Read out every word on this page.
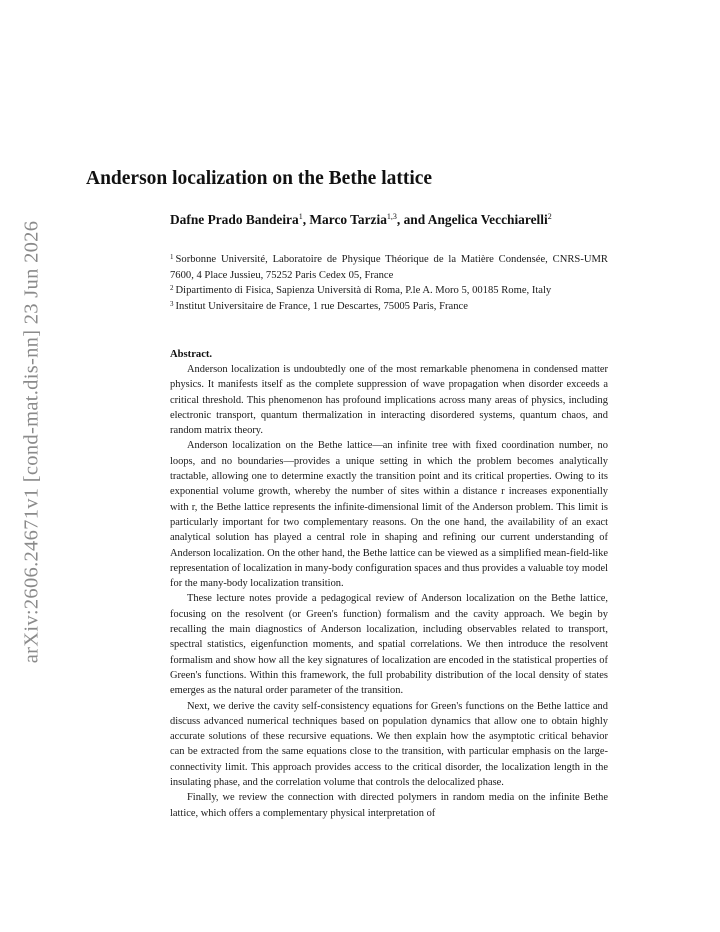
arXiv:2606.24671v1 [cond-mat.dis-nn] 23 Jun 2026
Anderson localization on the Bethe lattice
Dafne Prado Bandeira$^1$, Marco Tarzia$^{1,3}$, and Angelica Vecchiarelli$^2$
$^1$ Sorbonne Université, Laboratoire de Physique Théorique de la Matière Condensée, CNRS-UMR 7600, 4 Place Jussieu, 75252 Paris Cedex 05, France
$^2$ Dipartimento di Fisica, Sapienza Università di Roma, P.le A. Moro 5, 00185 Rome, Italy
$^3$ Institut Universitaire de France, 1 rue Descartes, 75005 Paris, France

Abstract.

Anderson localization is undoubtedly one of the most remarkable phenomena in condensed matter physics. It manifests itself as the complete suppression of wave propagation when disorder exceeds a critical threshold. This phenomenon has profound implications across many areas of physics, including electronic transport, quantum thermalization in interacting disordered systems, quantum chaos, and random matrix theory.

Anderson localization on the Bethe lattice—an infinite tree with fixed coordination number, no loops, and no boundaries—provides a unique setting in which the problem becomes analytically tractable, allowing one to determine exactly the transition point and its critical properties. Owing to its exponential volume growth, whereby the number of sites within a distance r increases exponentially with r, the Bethe lattice represents the infinite-dimensional limit of the Anderson problem. This limit is particularly important for two complementary reasons. On the one hand, the availability of an exact analytical solution has played a central role in shaping and refining our current understanding of Anderson localization. On the other hand, the Bethe lattice can be viewed as a simplified mean-field-like representation of localization in many-body configuration spaces and thus provides a valuable toy model for the many-body localization transition.

These lecture notes provide a pedagogical review of Anderson localization on the Bethe lattice, focusing on the resolvent (or Green's function) formalism and the cavity approach. We begin by recalling the main diagnostics of Anderson localization, including observables related to transport, spectral statistics, eigenfunction moments, and spatial correlations. We then introduce the resolvent formalism and show how all the key signatures of localization are encoded in the statistical properties of Green's functions. Within this framework, the full probability distribution of the local density of states emerges as the natural order parameter of the transition.

Next, we derive the cavity self-consistency equations for Green's functions on the Bethe lattice and discuss advanced numerical techniques based on population dynamics that allow one to obtain highly accurate solutions of these recursive equations. We then explain how the asymptotic critical behavior can be extracted from the same equations close to the transition, with particular emphasis on the large-connectivity limit. This approach provides access to the critical disorder, the localization length in the insulating phase, and the correlation volume that controls the delocalized phase.

Finally, we review the connection with directed polymers in random media on the infinite Bethe lattice, which offers a complementary physical interpretation of
